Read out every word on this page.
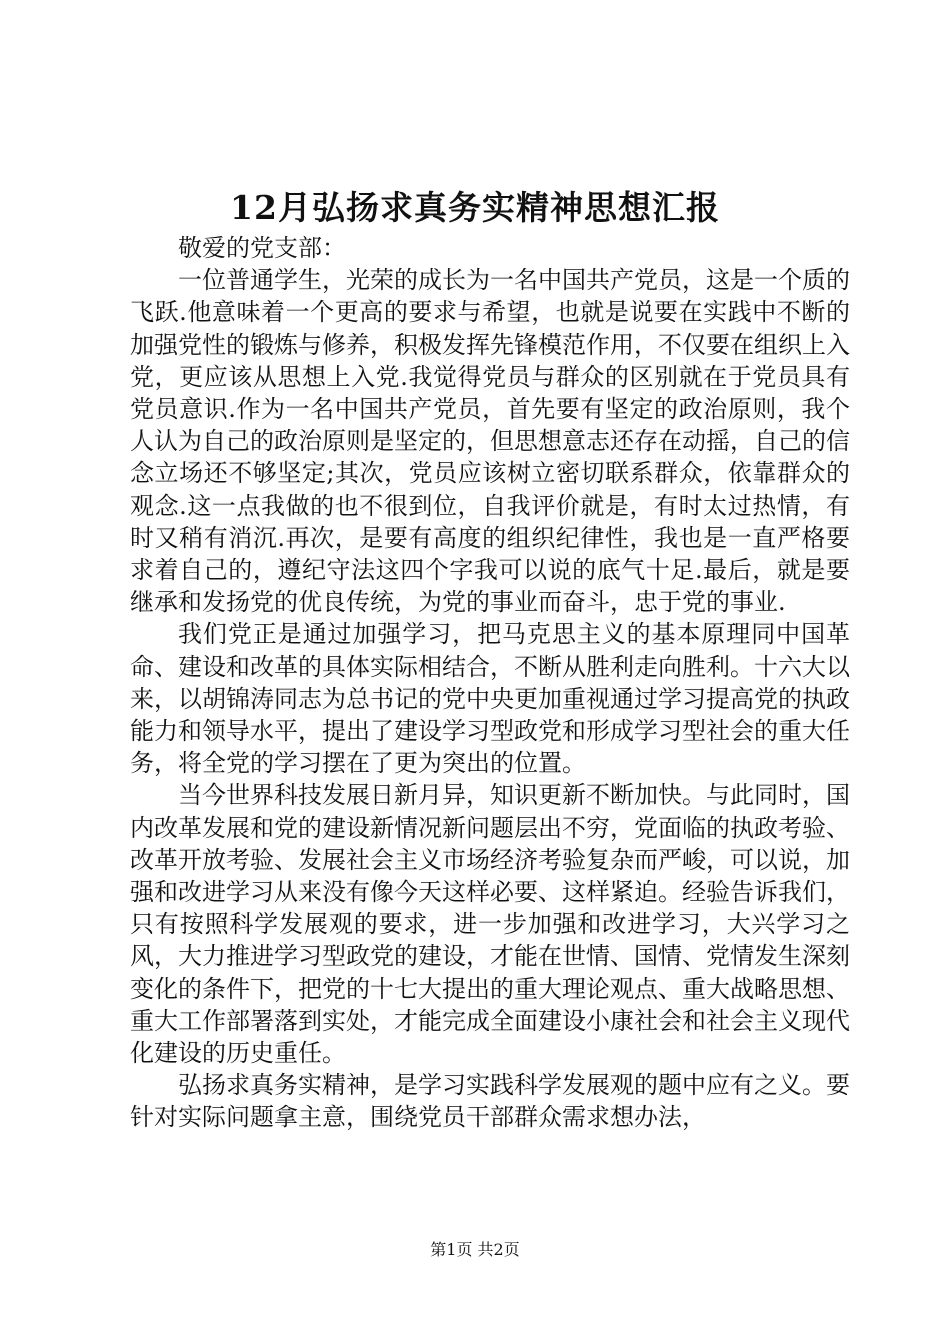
12月弘扬求真务实精神思想汇报

敬爱的党支部：

一位普通学生，光荣的成长为一名中国共产党员，这是一个质的飞跃.他意味着一个更高的要求与希望，也就是说要在实践中不断的加强党性的锻炼与修养，积极发挥先锋模范作用，不仅要在组织上入党，更应该从思想上入党.我觉得党员与群众的区别就在于党员具有党员意识.作为一名中国共产党员，首先要有坚定的政治原则，我个人认为自己的政治原则是坚定的，但思想意志还存在动摇，自己的信念立场还不够坚定;其次，党员应该树立密切联系群众，依靠群众的观念.这一点我做的也不很到位，自我评价就是，有时太过热情，有时又稍有消沉.再次，是要有高度的组织纪律性，我也是一直严格要求着自己的，遵纪守法这四个字我可以说的底气十足.最后，就是要继承和发扬党的优良传统，为党的事业而奋斗，忠于党的事业.

我们党正是通过加强学习，把马克思主义的基本原理同中国革命、建设和改革的具体实际相结合，不断从胜利走向胜利。十六大以来，以胡锦涛同志为总书记的党中央更加重视通过学习提高党的执政能力和领导水平，提出了建设学习型政党和形成学习型社会的重大任务，将全党的学习摆在了更为突出的位置。

当今世界科技发展日新月异，知识更新不断加快。与此同时，国内改革发展和党的建设新情况新问题层出不穷，党面临的执政考验、改革开放考验、发展社会主义市场经济考验复杂而严峻，可以说，加强和改进学习从来没有像今天这样必要、这样紧迫。经验告诉我们，只有按照科学发展观的要求，进一步加强和改进学习，大兴学习之风，大力推进学习型政党的建设，才能在世情、国情、党情发生深刻变化的条件下，把党的十七大提出的重大理论观点、重大战略思想、重大工作部署落到实处，才能完成全面建设小康社会和社会主义现代化建设的历史重任。

弘扬求真务实精神，是学习实践科学发展观的题中应有之义。要针对实际问题拿主意，围绕党员干部群众需求想办法，

第1页 共2页
